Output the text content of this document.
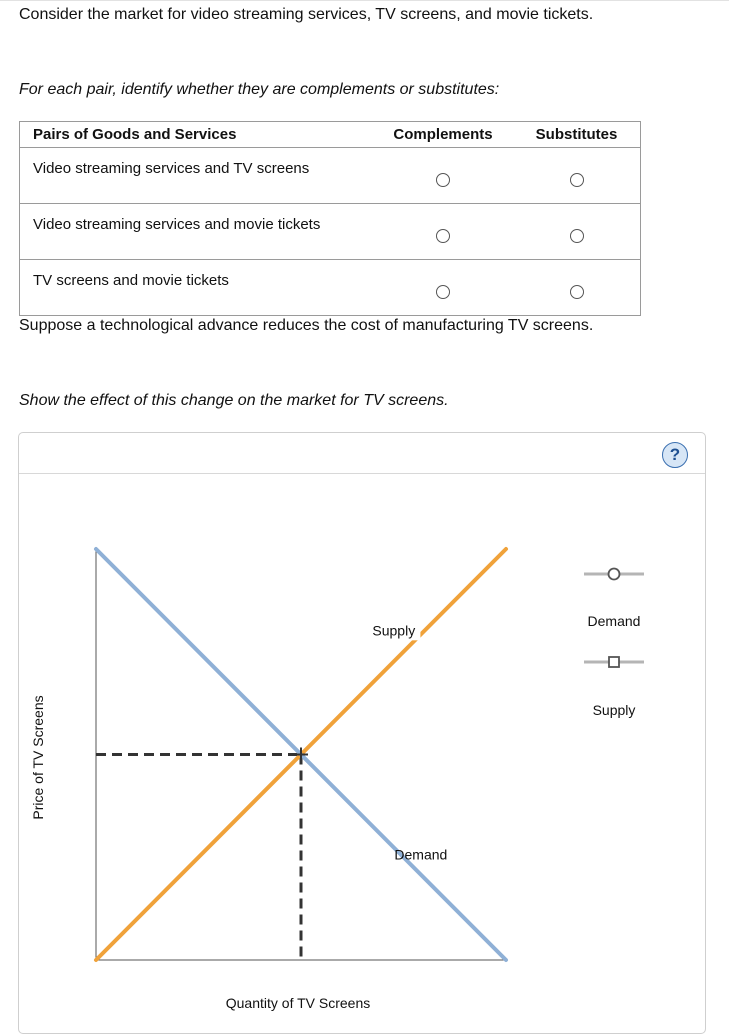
Consider the market for video streaming services, TV screens, and movie tickets.
For each pair, identify whether they are complements or substitutes:
Pairs of Goods and Services	Complements	Substitutes
Video streaming services and TV screens		
Video streaming services and movie tickets		
TV screens and movie tickets		
Suppose a technological advance reduces the cost of manufacturing TV screens.
Show the effect of this change on the market for TV screens.
?
Supply
Demand
Quantity of TV Screens
Price of TV Screens
Demand
Supply
